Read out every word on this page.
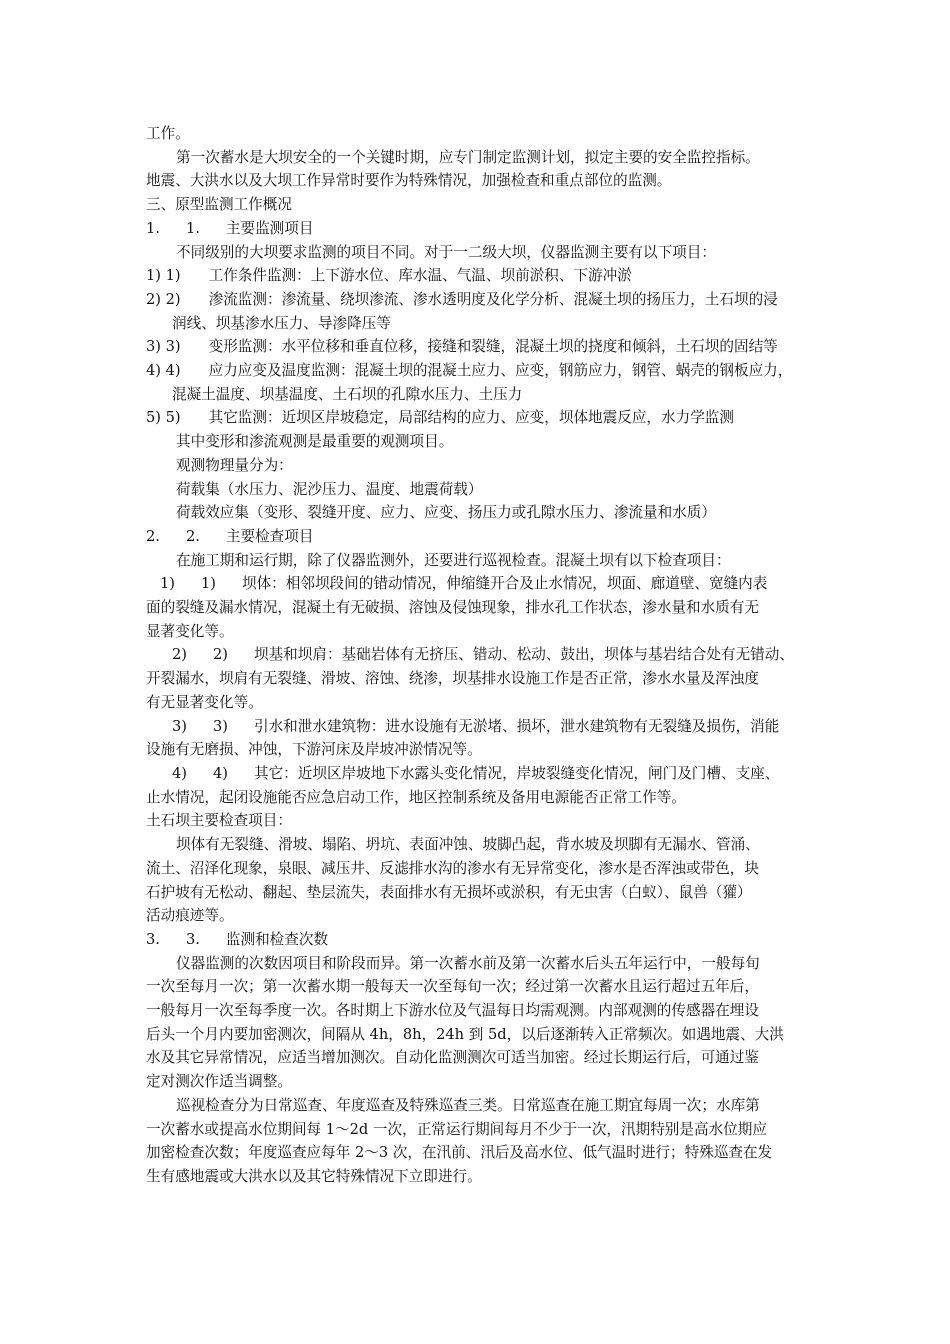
工作。
第一次蓄水是大坝安全的一个关键时期，应专门制定监测计划，拟定主要的安全监控指标。
地震、大洪水以及大坝工作异常时要作为特殊情况，加强检查和重点部位的监测。
三、原型监测工作概况
1. 1. 主要监测项目
不同级别的大坝要求监测的项目不同。对于一二级大坝，仪器监测主要有以下项目：
1) 1) 工作条件监测：上下游水位、库水温、气温、坝前淤积、下游冲淤
2) 2) 渗流监测：渗流量、绕坝渗流、渗水透明度及化学分析、混凝土坝的扬压力，土石坝的浸
润线、坝基渗水压力、导渗降压等
3) 3) 变形监测：水平位移和垂直位移，接缝和裂缝，混凝土坝的挠度和倾斜，土石坝的固结等
4) 4) 应力应变及温度监测：混凝土坝的混凝土应力、应变，钢筋应力，钢管、蜗壳的钢板应力，
混凝土温度、坝基温度、土石坝的孔隙水压力、土压力
5) 5) 其它监测：近坝区岸坡稳定，局部结构的应力、应变，坝体地震反应，水力学监测
其中变形和渗流观测是最重要的观测项目。
观测物理量分为：
荷载集（水压力、泥沙压力、温度、地震荷载）
荷载效应集（变形、裂缝开度、应力、应变、扬压力或孔隙水压力、渗流量和水质）
2. 2. 主要检查项目
在施工期和运行期，除了仪器监测外，还要进行巡视检查。混凝土坝有以下检查项目：
1) 1) 坝体：相邻坝段间的错动情况，伸缩缝开合及止水情况，坝面、廊道壁、宽缝内表
面的裂缝及漏水情况，混凝土有无破损、溶蚀及侵蚀现象，排水孔工作状态，渗水量和水质有无
显著变化等。
2) 2) 坝基和坝肩：基础岩体有无挤压、错动、松动、鼓出，坝体与基岩结合处有无错动、
开裂漏水，坝肩有无裂缝、滑坡、溶蚀、绕渗，坝基排水设施工作是否正常，渗水水量及浑浊度
有无显著变化等。
3) 3) 引水和泄水建筑物：进水设施有无淤堵、损坏，泄水建筑物有无裂缝及损伤，消能
设施有无磨损、冲蚀，下游河床及岸坡冲淤情况等。
4) 4) 其它：近坝区岸坡地下水露头变化情况，岸坡裂缝变化情况，闸门及门槽、支座、
止水情况，起闭设施能否应急启动工作，地区控制系统及备用电源能否正常工作等。
土石坝主要检查项目：
坝体有无裂缝、滑坡、塌陷、坍坑、表面冲蚀、坡脚凸起，背水坡及坝脚有无漏水、管涌、
流土、沼泽化现象，泉眼、减压井、反滤排水沟的渗水有无异常变化，渗水是否浑浊或带色，块
石护坡有无松动、翻起、垫层流失，表面排水有无损坏或淤积，有无虫害（白蚁）、鼠兽（獾）
活动痕迹等。
3. 3. 监测和检查次数
仪器监测的次数因项目和阶段而异。第一次蓄水前及第一次蓄水后头五年运行中，一般每旬
一次至每月一次；第一次蓄水期一般每天一次至每旬一次；经过第一次蓄水且运行超过五年后，
一般每月一次至每季度一次。各时期上下游水位及气温每日均需观测。内部观测的传感器在埋设
后头一个月内要加密测次，间隔从 4h，8h，24h 到 5d，以后逐渐转入正常频次。如遇地震、大洪
水及其它异常情况，应适当增加测次。自动化监测测次可适当加密。经过长期运行后，可通过鉴
定对测次作适当调整。
巡视检查分为日常巡查、年度巡查及特殊巡查三类。日常巡查在施工期宜每周一次；水库第
一次蓄水或提高水位期间每 1～2d 一次，正常运行期间每月不少于一次，汛期特别是高水位期应
加密检查次数；年度巡查应每年 2～3 次，在汛前、汛后及高水位、低气温时进行；特殊巡查在发
生有感地震或大洪水以及其它特殊情况下立即进行。
